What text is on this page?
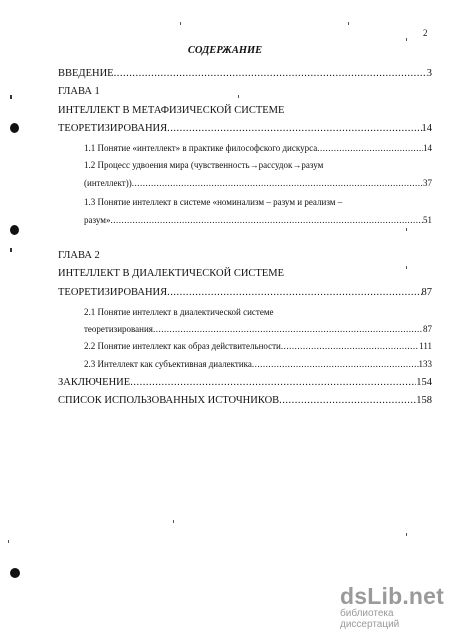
2
СОДЕРЖАНИЕ
ВВЕДЕНИЕ .....	3
ГЛАВА 1
ИНТЕЛЛЕКТ В МЕТАФИЗИЧЕСКОЙ СИСТЕМЕ
ТЕОРЕТИЗИРОВАНИЯ .....	14
1.1 Понятие «интеллект» в практике философского дискурса .....	14
1.2 Процесс удвоения мира (чувственность→рассудок→разум
(интеллект)) .....	37
1.3 Понятие интеллект в системе «номинализм – разум и реализм –
разум» .....	51
ГЛАВА 2
ИНТЕЛЛЕКТ В ДИАЛЕКТИЧЕСКОЙ СИСТЕМЕ
ТЕОРЕТИЗИРОВАНИЯ .....	87
2.1 Понятие интеллект в диалектической системе
теоретизирования .....	87
2.2 Понятие интеллект как образ действительности .....	111
2.3 Интеллект как субъективная диалектика .....	133
ЗАКЛЮЧЕНИЕ .....	154
СПИСОК ИСПОЛЬЗОВАННЫХ ИСТОЧНИКОВ .....	158
dsLib.net
библиотека диссертаций
